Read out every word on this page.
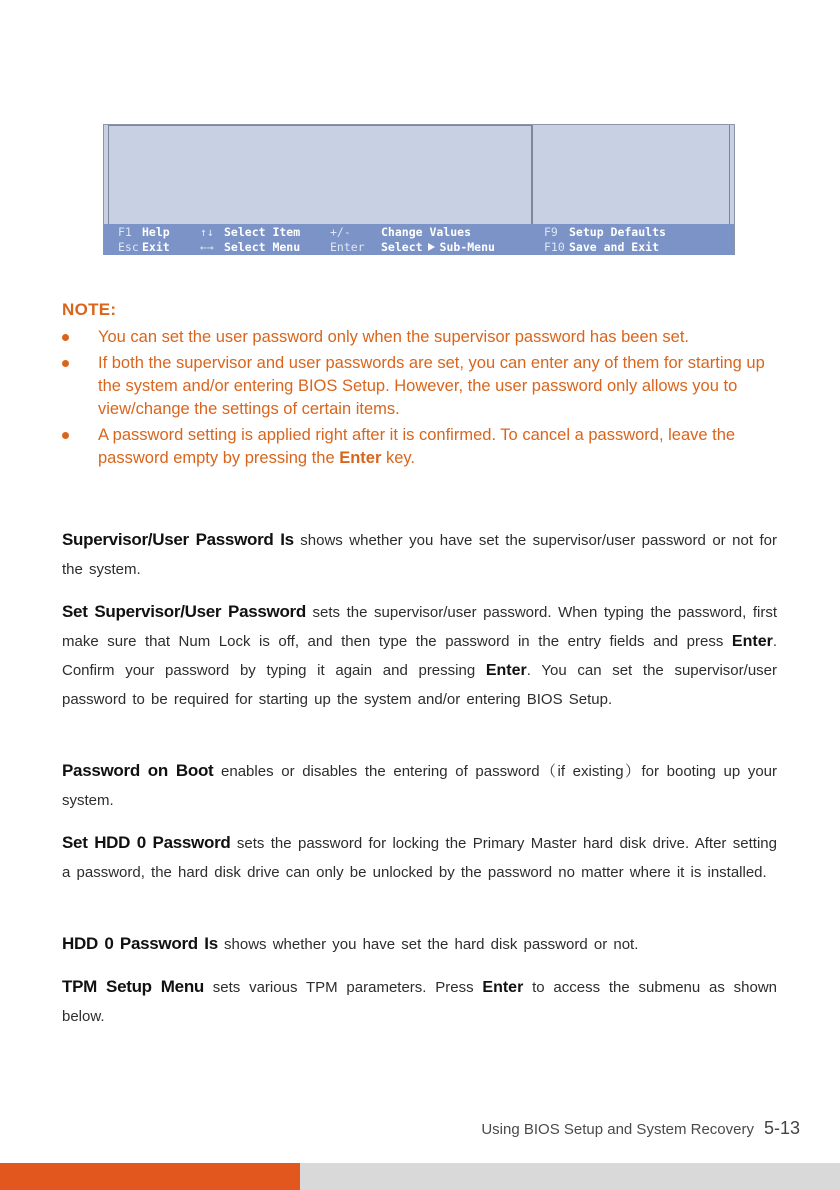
F1 Help	↑↓ Select Item	+/-	Change Values	F9 Setup Defaults
Esc Exit	←→ Select Menu	Enter Select Sub-Menu	F10 Save and Exit
NOTE:
You can set the user password only when the supervisor password has been set.
If both the supervisor and user passwords are set, you can enter any of them for starting up the system and/or entering BIOS Setup. However, the user password only allows you to view/change the settings of certain items.
A password setting is applied right after it is confirmed. To cancel a password, leave the password empty by pressing the Enter key.
Supervisor/User Password Is shows whether you have set the supervisor/user password or not for the system.
Set Supervisor/User Password sets the supervisor/user password. When typing the password, first make sure that Num Lock is off, and then type the password in the entry fields and press Enter. Confirm your password by typing it again and pressing Enter. You can set the supervisor/user password to be required for starting up the system and/or entering BIOS Setup.
Password on Boot enables or disables the entering of password（if existing）for booting up your system.
Set HDD 0 Password sets the password for locking the Primary Master hard disk drive. After setting a password, the hard disk drive can only be unlocked by the password no matter where it is installed.
HDD 0 Password Is shows whether you have set the hard disk password or not.
TPM Setup Menu sets various TPM parameters. Press Enter to access the submenu as shown below.
Using BIOS Setup and System Recovery 5-13
